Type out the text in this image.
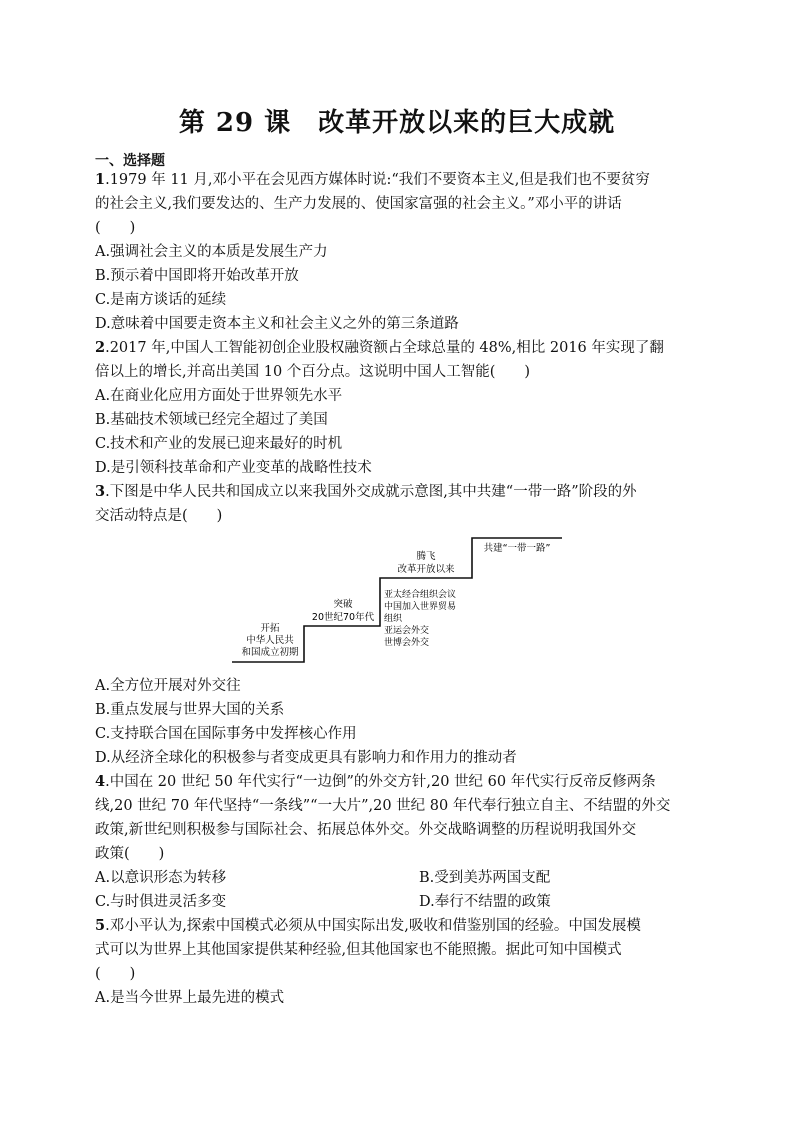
第 29 课　改革开放以来的巨大成就
一、选择题
1.1979 年 11 月,邓小平在会见西方媒体时说:“我们不要资本主义,但是我们也不要贫穷
的社会主义,我们要发达的、生产力发展的、使国家富强的社会主义。”邓小平的讲话
(　　)
A.强调社会主义的本质是发展生产力
B.预示着中国即将开始改革开放
C.是南方谈话的延续
D.意味着中国要走资本主义和社会主义之外的第三条道路
2.2017 年,中国人工智能初创企业股权融资额占全球总量的 48%,相比 2016 年实现了翻
倍以上的增长,并高出美国 10 个百分点。这说明中国人工智能(　　)
A.在商业化应用方面处于世界领先水平
B.基础技术领域已经完全超过了美国
C.技术和产业的发展已迎来最好的时机
D.是引领科技革命和产业变革的战略性技术
3.下图是中华人民共和国成立以来我国外交成就示意图,其中共建“一带一路”阶段的外
交活动特点是(　　)
开拓
中华人民共
和国成立初期
突破
20世纪70年代
腾飞
改革开放以来
共建“一带一路”
亚太经合组织会议
中国加入世界贸易
组织
亚运会外交
世博会外交
A.全方位开展对外交往
B.重点发展与世界大国的关系
C.支持联合国在国际事务中发挥核心作用
D.从经济全球化的积极参与者变成更具有影响力和作用力的推动者
4.中国在 20 世纪 50 年代实行“一边倒”的外交方针,20 世纪 60 年代实行反帝反修两条
线,20 世纪 70 年代坚持“一条线”“一大片”,20 世纪 80 年代奉行独立自主、不结盟的外交
政策,新世纪则积极参与国际社会、拓展总体外交。外交战略调整的历程说明我国外交
政策(　　)
A.以意识形态为转移	B.受到美苏两国支配
C.与时俱进灵活多变	D.奉行不结盟的政策
5.邓小平认为,探索中国模式必须从中国实际出发,吸收和借鉴别国的经验。中国发展模
式可以为世界上其他国家提供某种经验,但其他国家也不能照搬。据此可知中国模式
(　　)
A.是当今世界上最先进的模式
